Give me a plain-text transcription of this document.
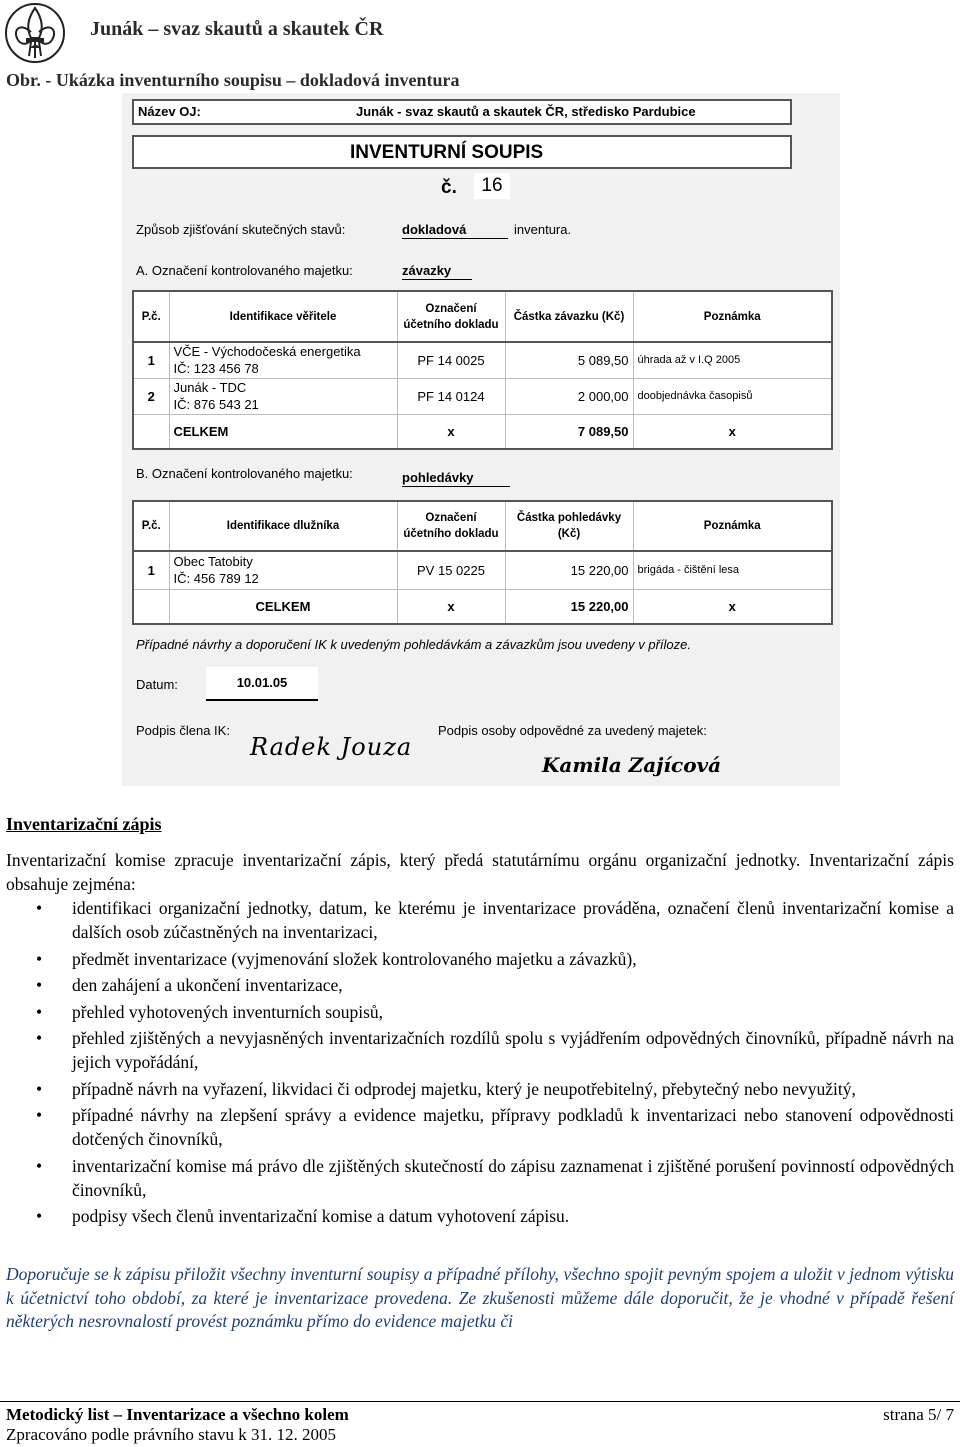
Junák – svaz skautů a skautek ČR
Obr. - Ukázka inventurního soupisu – dokladová inventura
Název OJ:	Junák - svaz skautů a skautek ČR, středisko Pardubice
INVENTURNÍ SOUPIS
č.	16
Způsob zjišťování skutečných stavů:	dokladová	inventura.
A. Označení kontrolovaného majetku:	závazky
P.č.	Identifikace věřitele	Označení účetního dokladu	Částka závazku (Kč)	Poznámka
1	VČE - Východočeská energetika
IČ: 123 456 78	PF 14 0025	5 089,50	úhrada až v I.Q 2005
2	Junák - TDC
IČ: 876 543 21	PF 14 0124	2 000,00	doobjednávka časopisů
	CELKEM	x	7 089,50	x
B. Označení kontrolovaného majetku:	pohledávky
P.č.	Identifikace dlužníka	Označení účetního dokladu	Částka pohledávky (Kč)	Poznámka
1	Obec Tatobity
IČ: 456 789 12	PV 15 0225	15 220,00	brigáda - čištění lesa
	CELKEM	x	15 220,00	x
Případné návrhy a doporučení IK k uvedeným pohledávkám a závazkům jsou uvedeny v příloze.
Datum:	10.01.05
Podpis člena IK:	Podpis osoby odpovědné za uvedený majetek:
Radek Jouza
Kamila Zajícová
Inventarizační zápis
Inventarizační komise zpracuje inventarizační zápis, který předá statutárnímu orgánu organizační jednotky. Inventarizační zápis obsahuje zejména:
• identifikaci organizační jednotky, datum, ke kterému je inventarizace prováděna, označení členů inventarizační komise a dalších osob zúčastněných na inventarizaci,
• předmět inventarizace (vyjmenování složek kontrolovaného majetku a závazků),
• den zahájení a ukončení inventarizace,
• přehled vyhotovených inventurních soupisů,
• přehled zjištěných a nevyjasněných inventarizačních rozdílů spolu s vyjádřením odpovědných činovníků, případně návrh na jejich vypořádání,
• případně návrh na vyřazení, likvidaci či odprodej majetku, který je neupotřebitelný, přebytečný nebo nevyužitý,
• případné návrhy na zlepšení správy a evidence majetku, přípravy podkladů k inventarizaci nebo stanovení odpovědnosti dotčených činovníků,
• inventarizační komise má právo dle zjištěných skutečností do zápisu zaznamenat i zjištěné porušení povinností odpovědných činovníků,
• podpisy všech členů inventarizační komise a datum vyhotovení zápisu.
Doporučuje se k zápisu přiložit všechny inventurní soupisy a případné přílohy, všechno spojit pevným spojem a uložit v jednom výtisku k účetnictví toho období, za které je inventarizace provedena. Ze zkušenosti můžeme dále doporučit, že je vhodné v případě řešení některých nesrovnalostí provést poznámku přímo do evidence majetku či
Metodický list – Inventarizace a všechno kolem	strana 5/ 7
Zpracováno podle právního stavu k 31. 12. 2005
